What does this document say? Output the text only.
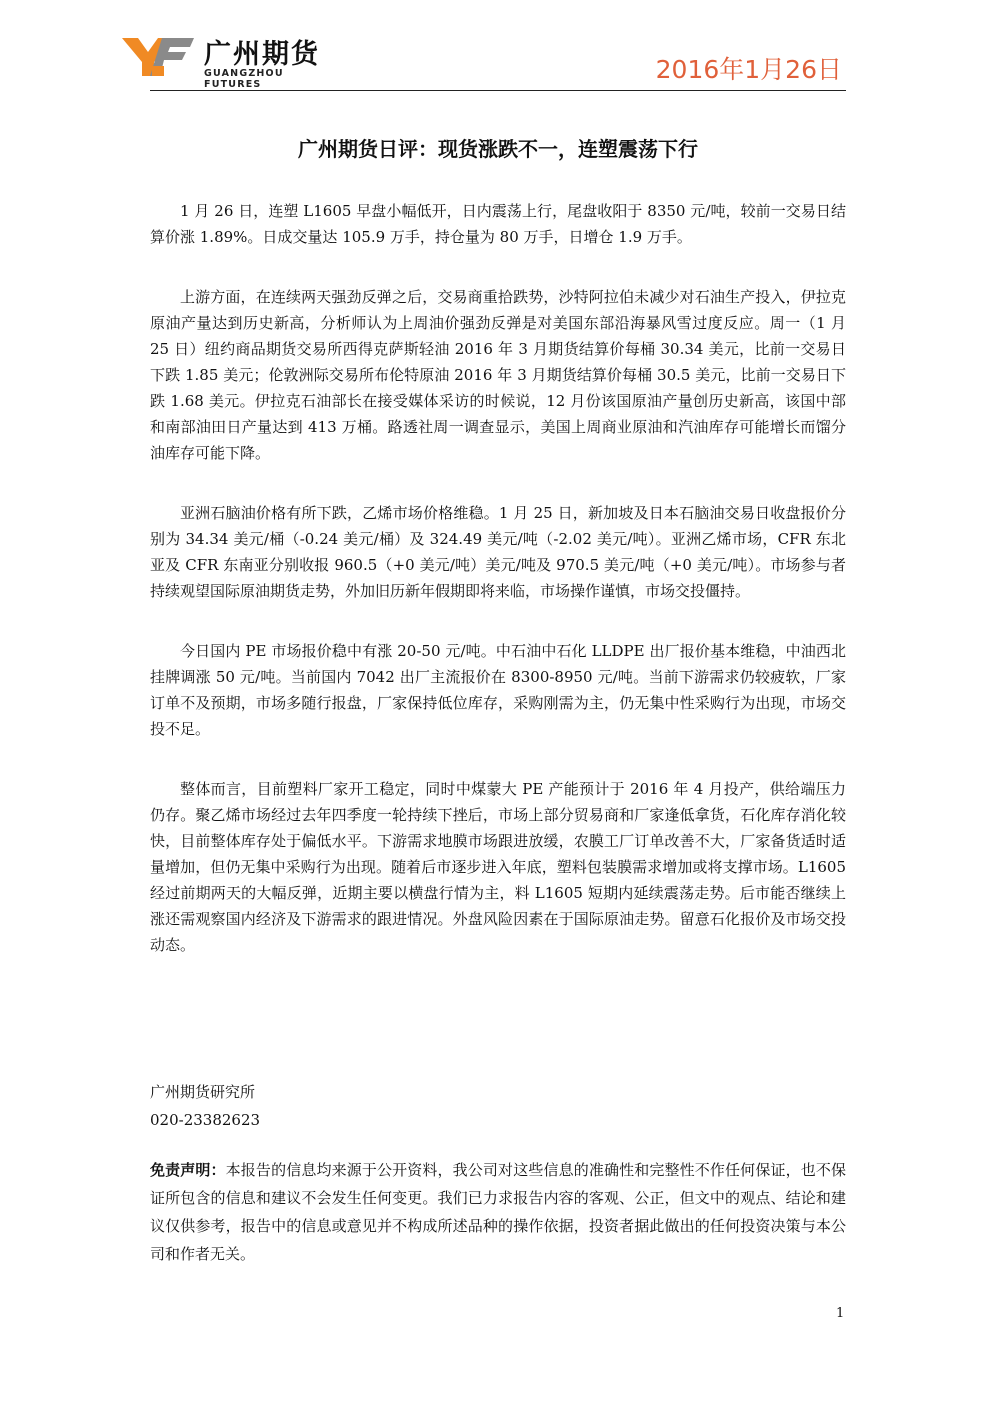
广州期货
GUANGZHOU FUTURES
2016年1月26日
广州期货日评：现货涨跌不一，连塑震荡下行

1 月 26 日，连塑 L1605 早盘小幅低开，日内震荡上行，尾盘收阳于 8350 元/吨，较前一交易日结算价涨 1.89%。日成交量达 105.9 万手，持仓量为 80 万手，日增仓 1.9 万手。

上游方面，在连续两天强劲反弹之后，交易商重拾跌势，沙特阿拉伯未减少对石油生产投入，伊拉克原油产量达到历史新高，分析师认为上周油价强劲反弹是对美国东部沿海暴风雪过度反应。周一（1 月 25 日）纽约商品期货交易所西得克萨斯轻油 2016 年 3 月期货结算价每桶 30.34 美元，比前一交易日下跌 1.85 美元；伦敦洲际交易所布伦特原油 2016 年 3 月期货结算价每桶 30.5 美元，比前一交易日下跌 1.68 美元。伊拉克石油部长在接受媒体采访的时候说，12 月份该国原油产量创历史新高，该国中部和南部油田日产量达到 413 万桶。路透社周一调查显示，美国上周商业原油和汽油库存可能增长而馏分油库存可能下降。

亚洲石脑油价格有所下跌，乙烯市场价格维稳。1 月 25 日，新加坡及日本石脑油交易日收盘报价分别为 34.34 美元/桶（-0.24 美元/桶）及 324.49 美元/吨（-2.02 美元/吨）。亚洲乙烯市场，CFR 东北亚及 CFR 东南亚分别收报 960.5（+0 美元/吨）美元/吨及 970.5 美元/吨（+0 美元/吨）。市场参与者持续观望国际原油期货走势，外加旧历新年假期即将来临，市场操作谨慎，市场交投僵持。

今日国内 PE 市场报价稳中有涨 20-50 元/吨。中石油中石化 LLDPE 出厂报价基本维稳，中油西北挂牌调涨 50 元/吨。当前国内 7042 出厂主流报价在 8300-8950 元/吨。当前下游需求仍较疲软，厂家订单不及预期，市场多随行报盘，厂家保持低位库存，采购刚需为主，仍无集中性采购行为出现，市场交投不足。

整体而言，目前塑料厂家开工稳定，同时中煤蒙大 PE 产能预计于 2016 年 4 月投产，供给端压力仍存。聚乙烯市场经过去年四季度一轮持续下挫后，市场上部分贸易商和厂家逢低拿货，石化库存消化较快，目前整体库存处于偏低水平。下游需求地膜市场跟进放缓，农膜工厂订单改善不大，厂家备货适时适量增加，但仍无集中采购行为出现。随着后市逐步进入年底，塑料包装膜需求增加或将支撑市场。L1605 经过前期两天的大幅反弹，近期主要以横盘行情为主，料 L1605 短期内延续震荡走势。后市能否继续上涨还需观察国内经济及下游需求的跟进情况。外盘风险因素在于国际原油走势。留意石化报价及市场交投动态。

广州期货研究所

020-23382623

免责声明：本报告的信息均来源于公开资料，我公司对这些信息的准确性和完整性不作任何保证，也不保证所包含的信息和建议不会发生任何变更。我们已力求报告内容的客观、公正，但文中的观点、结论和建议仅供参考，报告中的信息或意见并不构成所述品种的操作依据，投资者据此做出的任何投资决策与本公司和作者无关。

1
